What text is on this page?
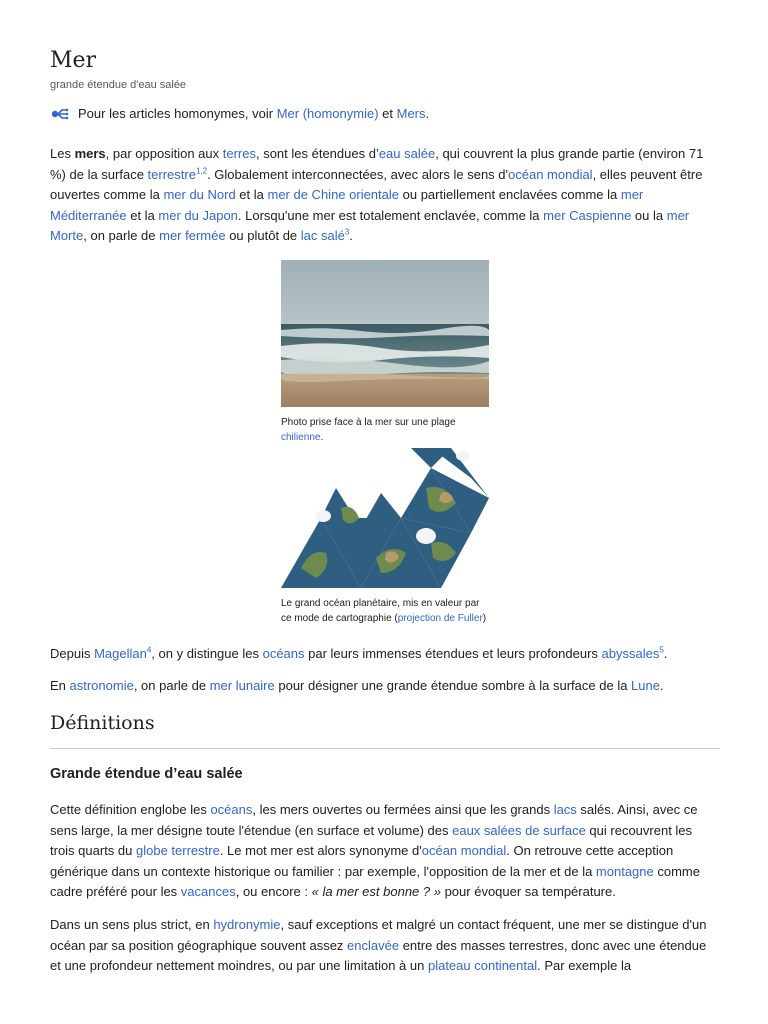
Mer
grande étendue d'eau salée
Pour les articles homonymes, voir Mer (homonymie) et Mers.

Les mers, par opposition aux terres, sont les étendues d’eau salée, qui couvrent la plus grande partie (environ 71 %) de la surface terrestre$^{1,2}$. Globalement interconnectées, avec alors le sens d'océan mondial, elles peuvent être ouvertes comme la mer du Nord et la mer de Chine orientale ou partiellement enclavées comme la mer Méditerranée et la mer du Japon. Lorsqu'une mer est totalement enclavée, comme la mer Caspienne ou la mer Morte, on parle de mer fermée ou plutôt de lac salé$^3$.

Photo prise face à la mer sur une plage chilienne.
Le grand océan planétaire, mis en valeur par ce mode de cartographie (projection de Fuller)

Depuis Magellan$^4$, on y distingue les océans par leurs immenses étendues et leurs profondeurs abyssales$^5$.

En astronomie, on parle de mer lunaire pour désigner une grande étendue sombre à la surface de la Lune.

Définitions
Grande étendue d’eau salée

Cette définition englobe les océans, les mers ouvertes ou fermées ainsi que les grands lacs salés. Ainsi, avec ce sens large, la mer désigne toute l'étendue (en surface et volume) des eaux salées de surface qui recouvrent les trois quarts du globe terrestre. Le mot mer est alors synonyme d'océan mondial. On retrouve cette acception générique dans un contexte historique ou familier : par exemple, l'opposition de la mer et de la montagne comme cadre préféré pour les vacances, ou encore : « la mer est bonne ? » pour évoquer sa température.

Dans un sens plus strict, en hydronymie, sauf exceptions et malgré un contact fréquent, une mer se distingue d'un océan par sa position géographique souvent assez enclavée entre des masses terrestres, donc avec une étendue et une profondeur nettement moindres, ou par une limitation à un plateau continental. Par exemple la
